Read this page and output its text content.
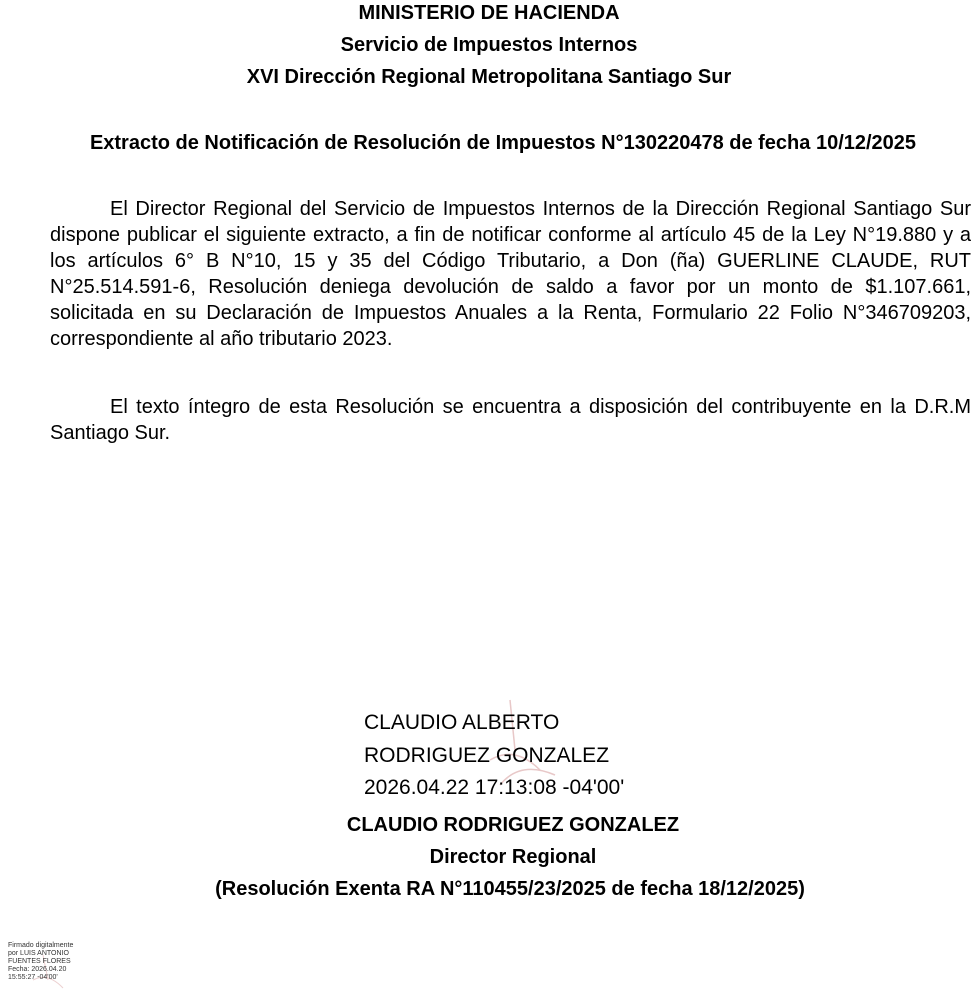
MINISTERIO DE HACIENDA
Servicio de Impuestos Internos
XVI Dirección Regional Metropolitana Santiago Sur
Extracto de Notificación de Resolución de Impuestos N°130220478 de fecha 10/12/2025
El Director Regional del Servicio de Impuestos Internos de la Dirección Regional Santiago Sur dispone publicar el siguiente extracto, a fin de notificar conforme al artículo 45 de la Ley N°19.880 y a los artículos 6° B N°10, 15 y 35 del Código Tributario, a Don (ña) GUERLINE CLAUDE, RUT N°25.514.591-6, Resolución deniega devolución de saldo a favor por un monto de $1.107.661, solicitada en su Declaración de Impuestos Anuales a la Renta, Formulario 22 Folio N°346709203, correspondiente al año tributario 2023.
El texto íntegro de esta Resolución se encuentra a disposición del contribuyente en la D.R.M Santiago Sur.
CLAUDIO ALBERTO
RODRIGUEZ GONZALEZ
2026.04.22 17:13:08 -04'00'
CLAUDIO RODRIGUEZ GONZALEZ
Director Regional
(Resolución Exenta RA N°110455/23/2025 de fecha 18/12/2025)
Firmado digitalmente
por LUIS ANTONIO
FUENTES FLORES
Fecha: 2026.04.20
15:55:27 -04'00'
